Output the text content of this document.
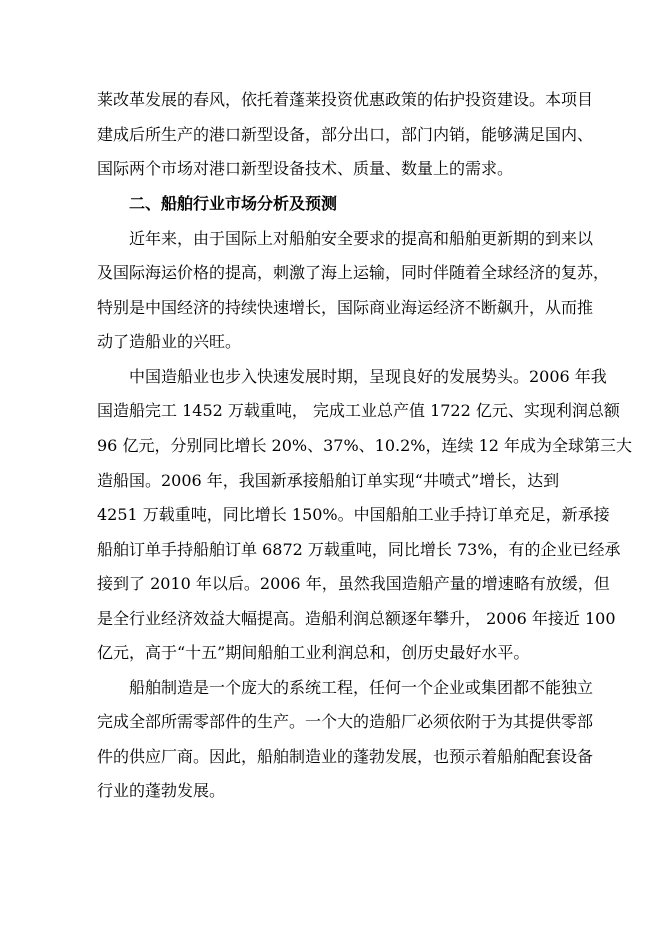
莱改革发展的春风，依托着蓬莱投资优惠政策的佑护投资建设。本项目
建成后所生产的港口新型设备，部分出口，部门内销，能够满足国内、
国际两个市场对港口新型设备技术、质量、数量上的需求。
二、船舶行业市场分析及预测
近年来，由于国际上对船舶安全要求的提高和船舶更新期的到来以
及国际海运价格的提高，刺激了海上运输，同时伴随着全球经济的复苏，
特别是中国经济的持续快速增长，国际商业海运经济不断飙升，从而推
动了造船业的兴旺。
中国造船业也步入快速发展时期，呈现良好的发展势头。2006 年我
国造船完工 1452 万载重吨， 完成工业总产值 1722 亿元、实现利润总额
96 亿元，分别同比增长 20%、37%、10.2%，连续 12 年成为全球第三大
造船国。2006 年，我国新承接船舶订单实现“井喷式”增长，达到
4251 万载重吨，同比增长 150%。中国船舶工业手持订单充足，新承接
船舶订单手持船舶订单 6872 万载重吨，同比增长 73%，有的企业已经承
接到了 2010 年以后。2006 年，虽然我国造船产量的增速略有放缓，但
是全行业经济效益大幅提高。造船利润总额逐年攀升， 2006 年接近 100
亿元，高于“十五”期间船舶工业利润总和，创历史最好水平。
船舶制造是一个庞大的系统工程，任何一个企业或集团都不能独立
完成全部所需零部件的生产。一个大的造船厂必须依附于为其提供零部
件的供应厂商。因此，船舶制造业的蓬勃发展，也预示着船舶配套设备
行业的蓬勃发展。
